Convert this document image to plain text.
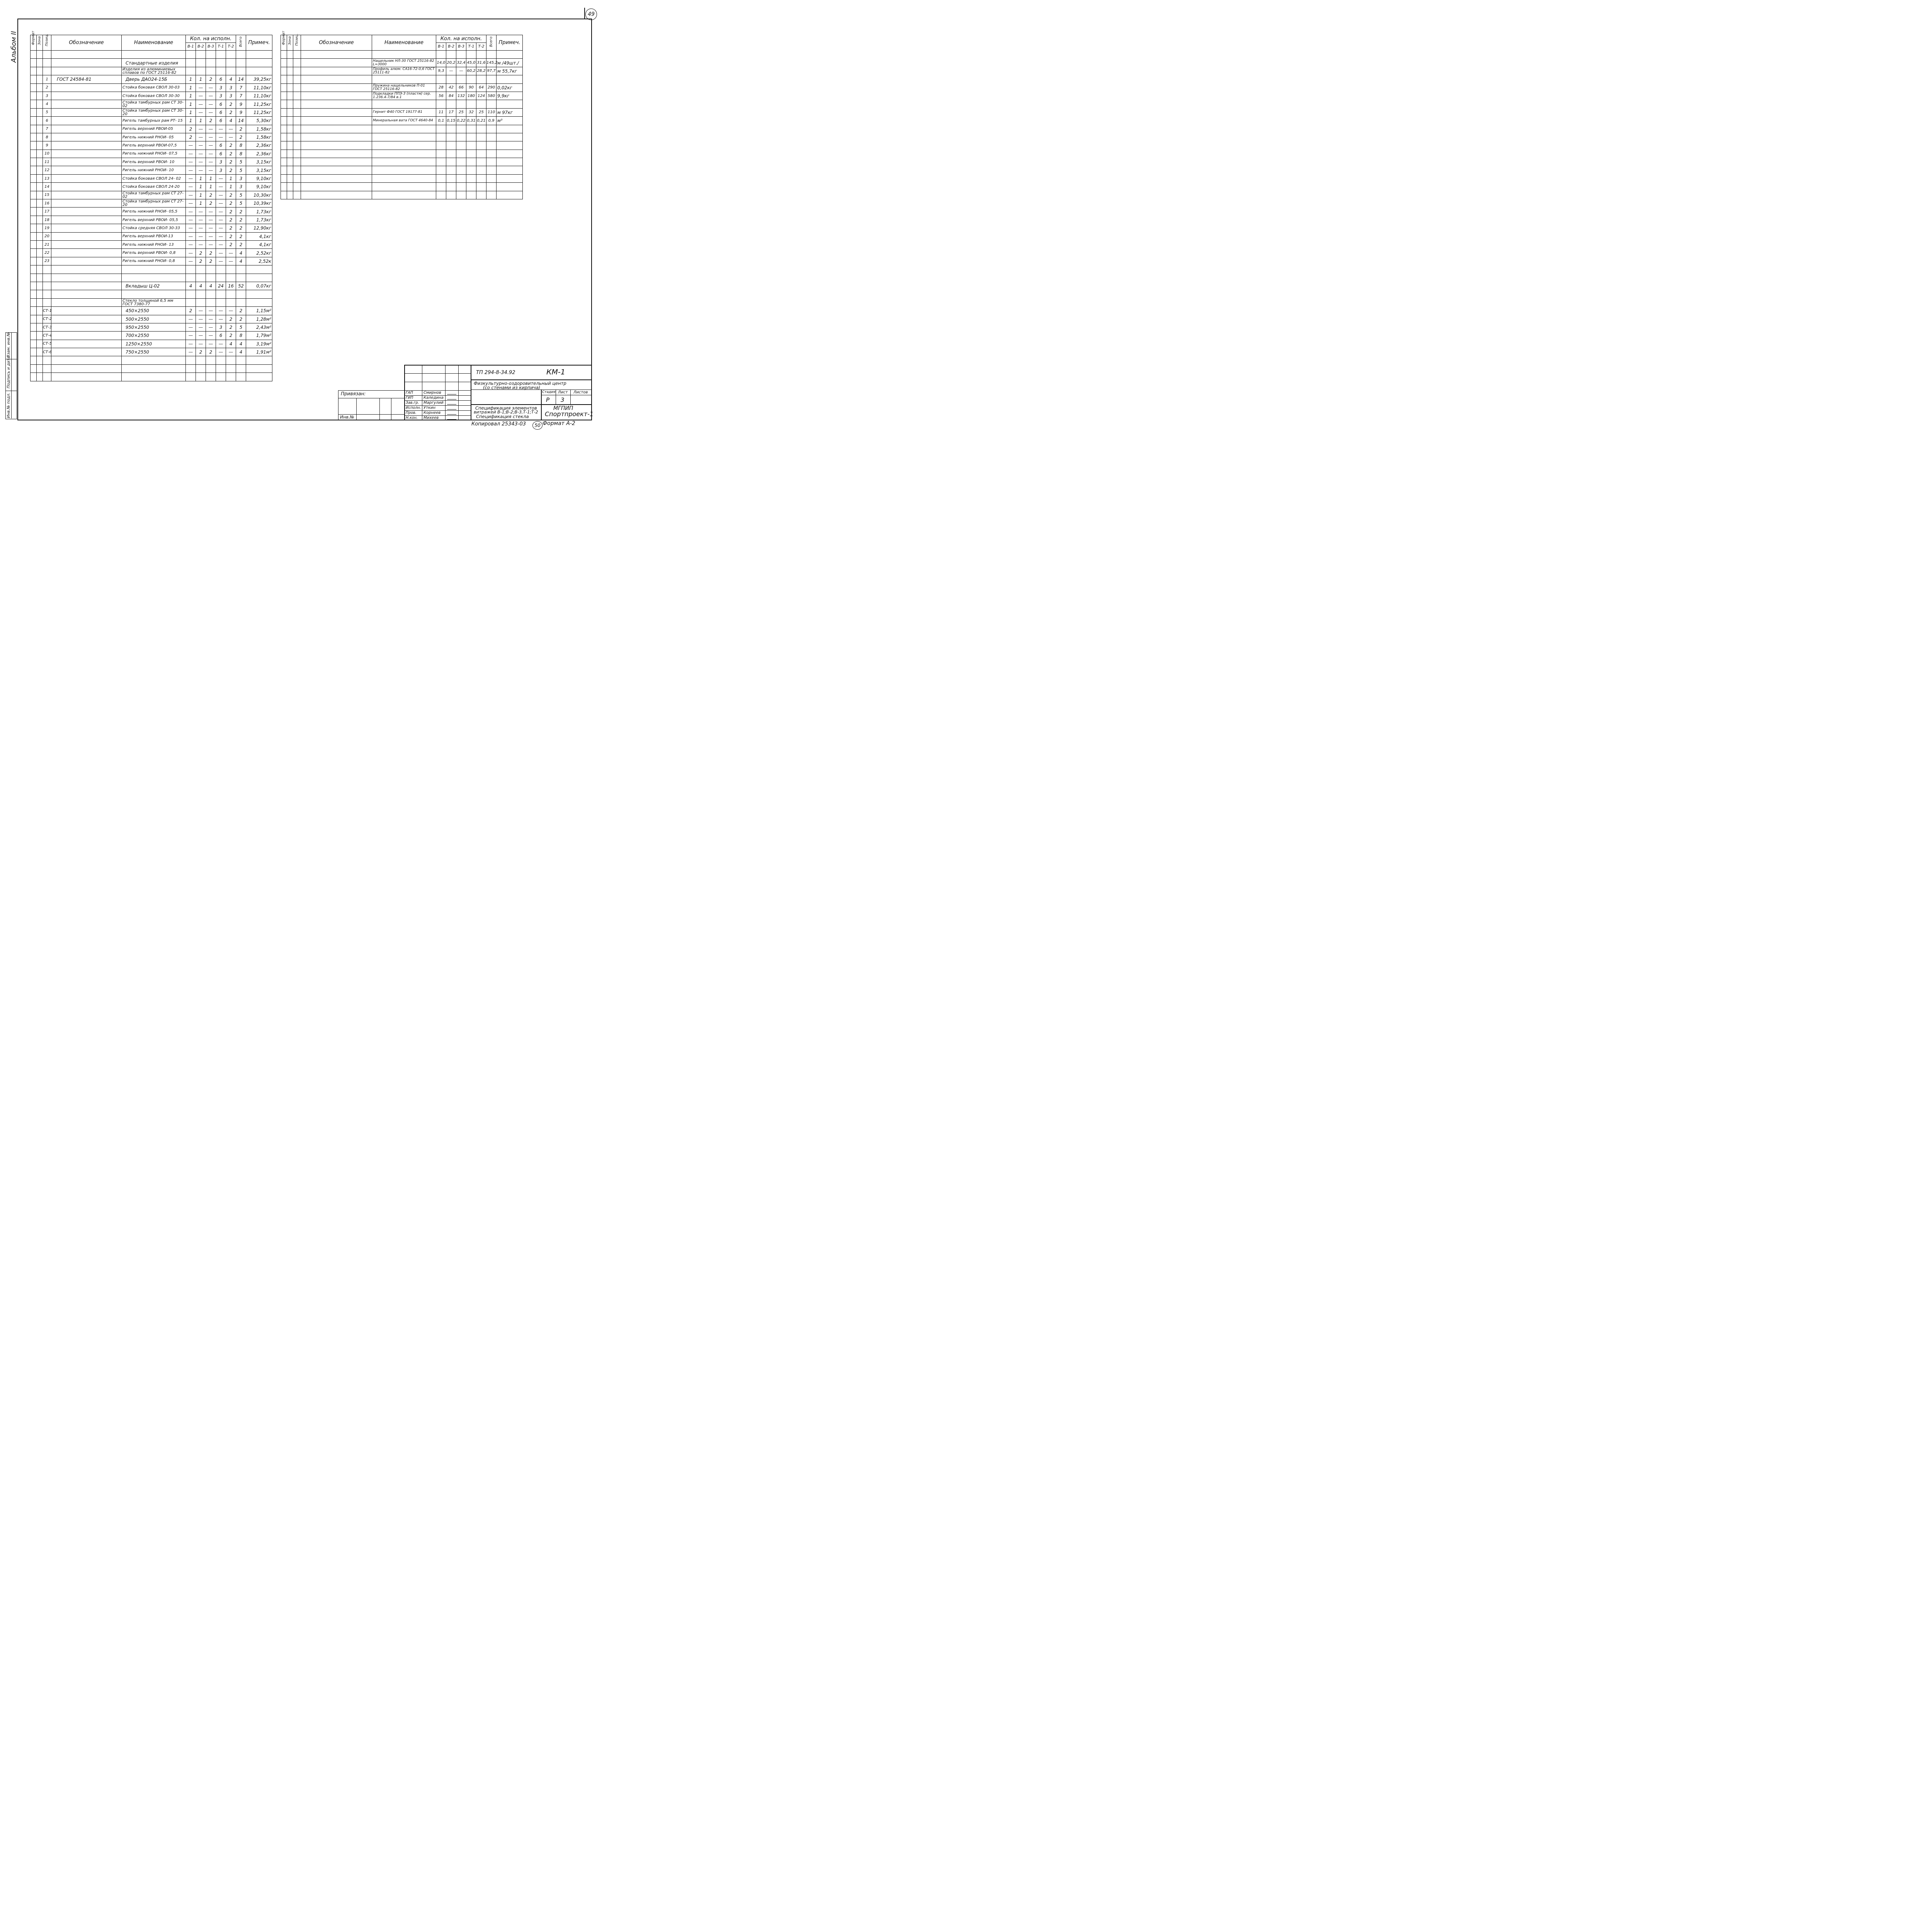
49
Альбом II
Инв.№ подл.
Подпись и дата
Взам. инв.№
Формат	Зона	Позиц.	Обозначение	Наименование	Кол. на исполн.					Всего	Примеч.
					В-1	В-2	В-3	Т-1	Т-2		

				Стандартные изделия							
				Изделия из алюминиевых сплавов по ГОСТ 25116-82							
		1	ГОСТ 24584-81	Дверь ДАО24-15Б	1	1	2	6	4	14	39,25кг
		2		Стойка боковая СВОЛ 30-03	1	—	—	3	3	7	11,10кг
		3		Стойка боковая СВОЛ 30-30	1	—	—	3	3	7	11,10кг
		4		Стойка тамбурных рам СТ 30-02	1	—	—	6	2	9	11,25кг
		5		Стойка тамбурных рам СТ 30-20	1	—	—	6	2	9	11,25кг
		6		Ригель тамбурных рам РТ- 15	1	1	2	6	4	14	5,30кг
		7		Ригель верхний РВОИ-05	2	—	—	—	—	2	1,58кг
		8		Ригель нижний РНОИ- 05	2	—	—	—	—	2	1,58кг
		9		Ригель верхний РВОИ-07,5	—	—	—	6	2	8	2,36кг
		10		Ригель нижний РНОИ- 07,5	—	—	—	6	2	8	2,36кг
		11		Ригель верхний РВОИ- 10	—	—	—	3	2	5	3,15кг
		12		Ригель нижний РНОИ- 10	—	—	—	3	2	5	3,15кг
		13		Стойка боковая СВОЛ 24- 02	—	1	1	—	1	3	9,10кг
		14		Стойка боковая СВОЛ 24-20	—	1	1	—	1	3	9,10кг
		15		Стойка тамбурных рам СТ 27- 02	—	1	2	—	2	5	10,30кг
		16		Стойка тамбурных рам СТ 27- 20	—	1	2	—	2	5	10,39кг
		17		Ригель нижний РНОИ- 05,5	—	—	—	—	2	2	1,73кг
		18		Ригель верхний РВОИ- 05,5	—	—	—	—	2	2	1,73кг
		19		Стойка средняя СВОЛ 30-33	—	—	—	—	2	2	12,90кг
		20		Ригель верхний РВОИ-13	—	—	—	—	2	2	4,1кг
		21		Ригель нижний РНОИ- 13	—	—	—	—	2	2	4,1кг
		22		Ригель верхний РВОИ- 0,8	—	2	2	—	—	4	2,52кг
		23		Ригель нижний РНОИ- 0,8	—	2	2	—	—	4	2,52к

				Вкладыш Ц-02	4	4	4	24	16	52	0,07кг

				Стекло толщиной 6,5 мм ГОСТ 7380-77							
		СТ-1		450×2550	2	—	—	—	—	2	1,15м²
		СТ-2		500×2550	—	—	—	—	2	2	1,28м²
		СТ-3		950×2550	—	—	—	3	2	5	2,43м²
		СТ-4		700×2550	—	—	—	6	2	8	1,79м²
		СТ-5		1250×2550	—	—	—	—	4	4	3,19м²
		СТ-6		750×2550	—	2	2	—	—	4	1,91м²

Формат	Зона	Позиц.	Обозначение	Наименование	Кол. на исполн.					Всего	Примеч.
					В-1	В-2	В-3	Т-1	Т-2		

				Нащельник НЛ-30 ГОСТ 25116-82 L=3000	14,0	20,2	32,4	45,0	31,6	145,2	м /49шт./
				Профиль алюм. СА16-72-0,6 ГОСТ 25111-82	9,3	—	—	60,2	28,2	97,7	м 55,7кг

				Пружина нащельников П-01 ГОСТ 25116-82	28	42	66	90	64	290	0,02кг
				Подкладки ППЭ-3 (пластм) сер. 1.236.4-7/84 в.1	56	84	132	180	124	580	9,9кг

				Гернит Ф40 ГОСТ 19177-81	11	17	25	32	25	110	м 97кг
				Минеральная вата ГОСТ 4640-84	0,1	0,15	0,22	0,31	0,21	0,9	м³

Привязан:
Инв.№
ГАП	Смирнов
ГИП	Каледина
Зав.гр. Маргулий
Исполн. Уткин
Пров. Корнеев
Н.кон. Михеев
ТП 294-8-34.92	КМ-1
Физкультурно-оздоровительный центр
(со стенами из кирпича)
Стадия Лист Листов
Р 3
Спецификация элементов
витражей В-1;В-2;В-3,Т-1;Т-2
Спецификация стекла
МГПИП
Спортпроект-1
Копировал 25343-03	50 Формат А-2
